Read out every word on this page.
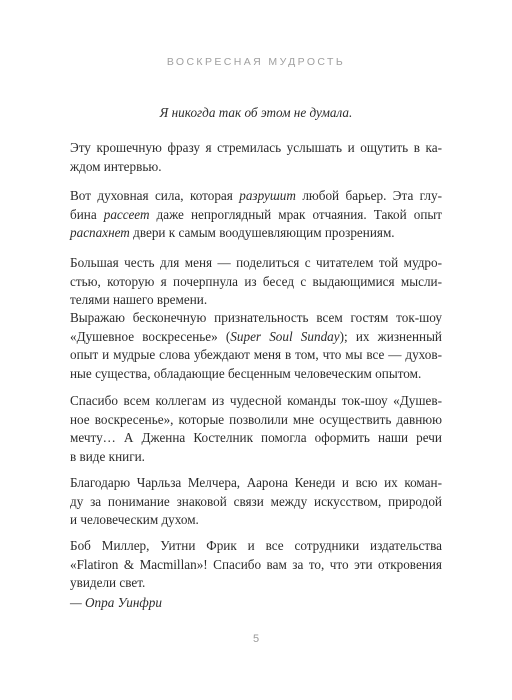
ВОСКРЕСНАЯ МУДРОСТЬ

Я никогда так об этом не думала.

Эту крошечную фразу я стремилась услышать и ощутить в ка-
ждом интервью.

Вот духовная сила, которая разрушит любой барьер. Эта глу-
бина рассеет даже непроглядный мрак отчаяния. Такой опыт
распахнет двери к самым воодушевляющим прозрениям.

Большая честь для меня — поделиться с читателем той мудро-
стью, которую я почерпнула из бесед с выдающимися мысли-
телями нашего времени.

Выражаю бесконечную признательность всем гостям ток-шоу
«Душевное воскресенье» (Super Soul Sunday); их жизненный
опыт и мудрые слова убеждают меня в том, что мы все — духов-
ные существа, обладающие бесценным человеческим опытом.

Спасибо всем коллегам из чудесной команды ток-шоу «Душев-
ное воскресенье», которые позволили мне осуществить давнюю
мечту… А Дженна Костелник помогла оформить наши речи
в виде книги.

Благодарю Чарльза Мелчера, Аарона Кенеди и всю их коман-
ду за понимание знаковой связи между искусством, природой
и человеческим духом.

Боб Миллер, Уитни Фрик и все сотрудники издательства
«Flatiron & Macmillan»! Спасибо вам за то, что эти откровения
увидели свет.

— Опра Уинфри

5
